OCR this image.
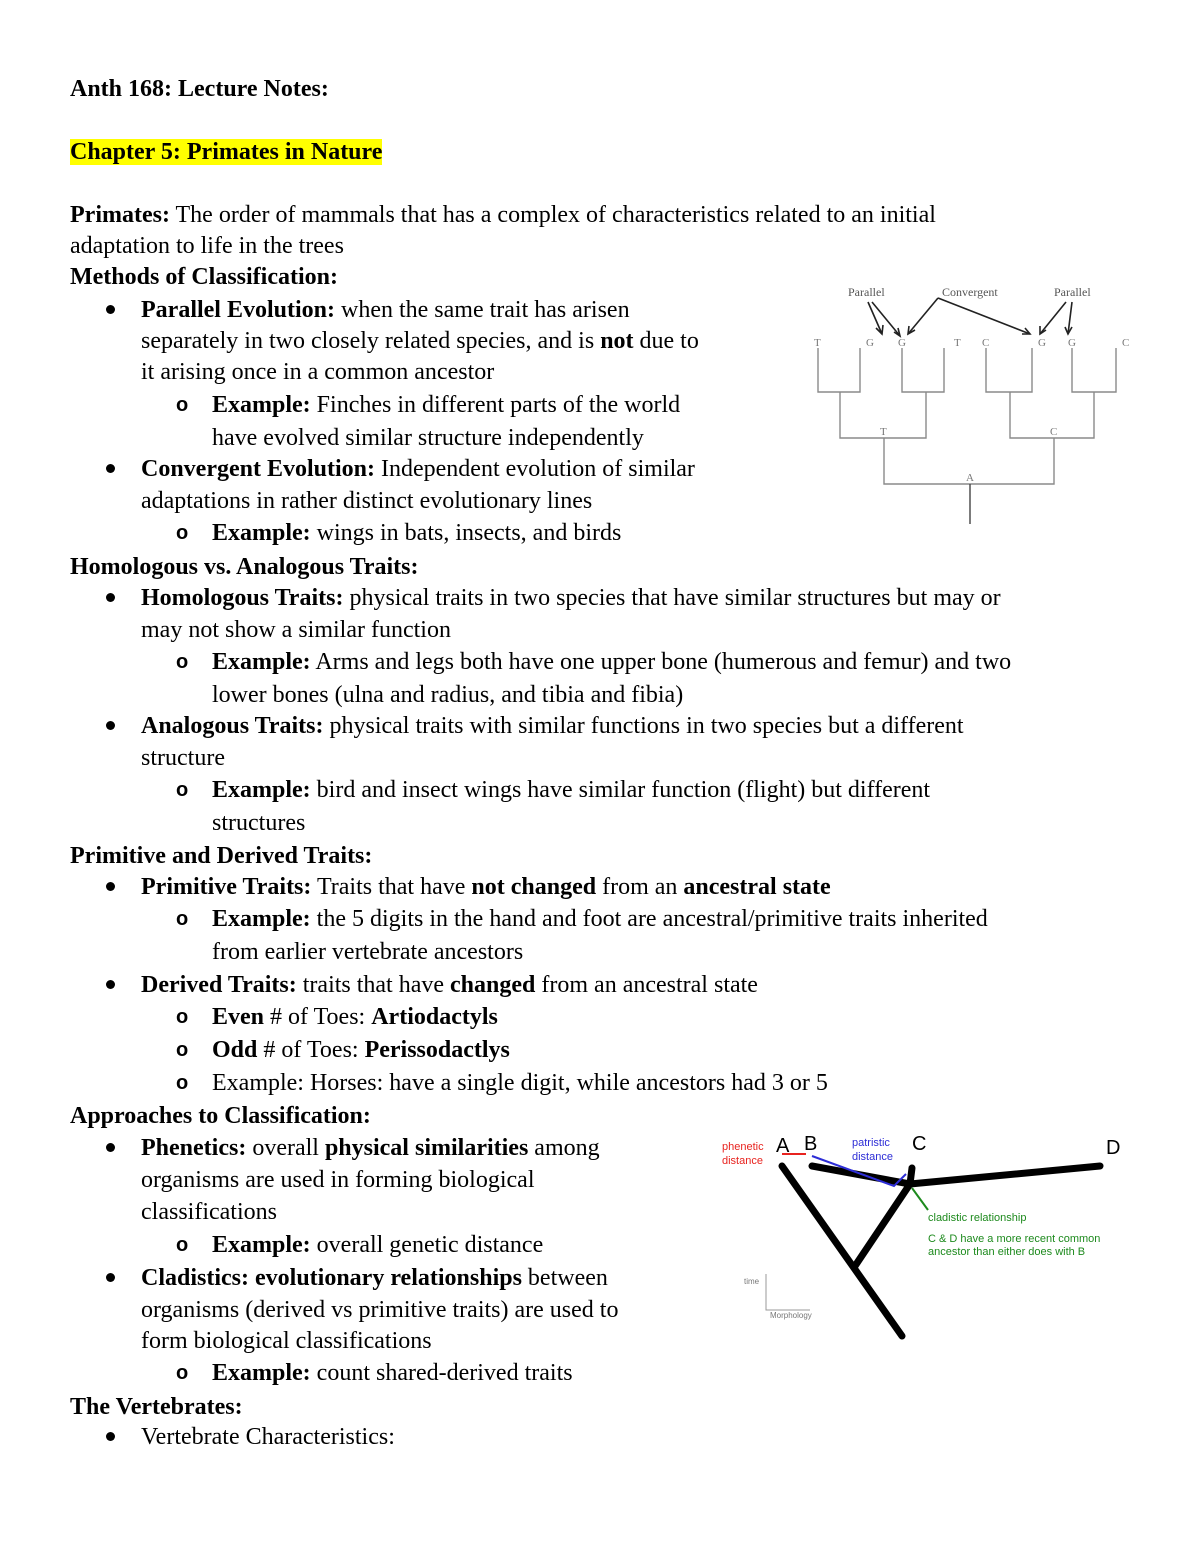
Anth 168: Lecture Notes:
Chapter 5: Primates in Nature
Primates: The order of mammals that has a complex of characteristics related to an initial
adaptation to life in the trees
Methods of Classification:
Parallel Evolution: when the same trait has arisen
separately in two closely related species, and is not due to
it arising once in a common ancestor
o Example: Finches in different parts of the world
have evolved similar structure independently
Convergent Evolution: Independent evolution of similar
adaptations in rather distinct evolutionary lines
o Example: wings in bats, insects, and birds
Homologous vs. Analogous Traits:
Homologous Traits: physical traits in two species that have similar structures but may or
may not show a similar function
o Example: Arms and legs both have one upper bone (humerous and femur) and two
lower bones (ulna and radius, and tibia and fibia)
Analogous Traits: physical traits with similar functions in two species but a different
structure
o Example: bird and insect wings have similar function (flight) but different
structures
Primitive and Derived Traits:
Primitive Traits: Traits that have not changed from an ancestral state
o Example: the 5 digits in the hand and foot are ancestral/primitive traits inherited
from earlier vertebrate ancestors
Derived Traits: traits that have changed from an ancestral state
o Even # of Toes: Artiodactyls
o Odd # of Toes: Perissodactlys
o Example: Horses: have a single digit, while ancestors had 3 or 5
Approaches to Classification:
Phenetics: overall physical similarities among
organisms are used in forming biological
classifications
o Example: overall genetic distance
Cladistics: evolutionary relationships between
organisms (derived vs primitive traits) are used to
form biological classifications
o Example: count shared-derived traits
The Vertebrates:
Vertebrate Characteristics:
Parallel	Convergent	Parallel
T	G G	T C	G G	C
T	C
A
A B	C	D
phenetic
distance
patristic
distance
cladistic relationship
C & D have a more recent common
ancestor than either does with B
time
Morphology
